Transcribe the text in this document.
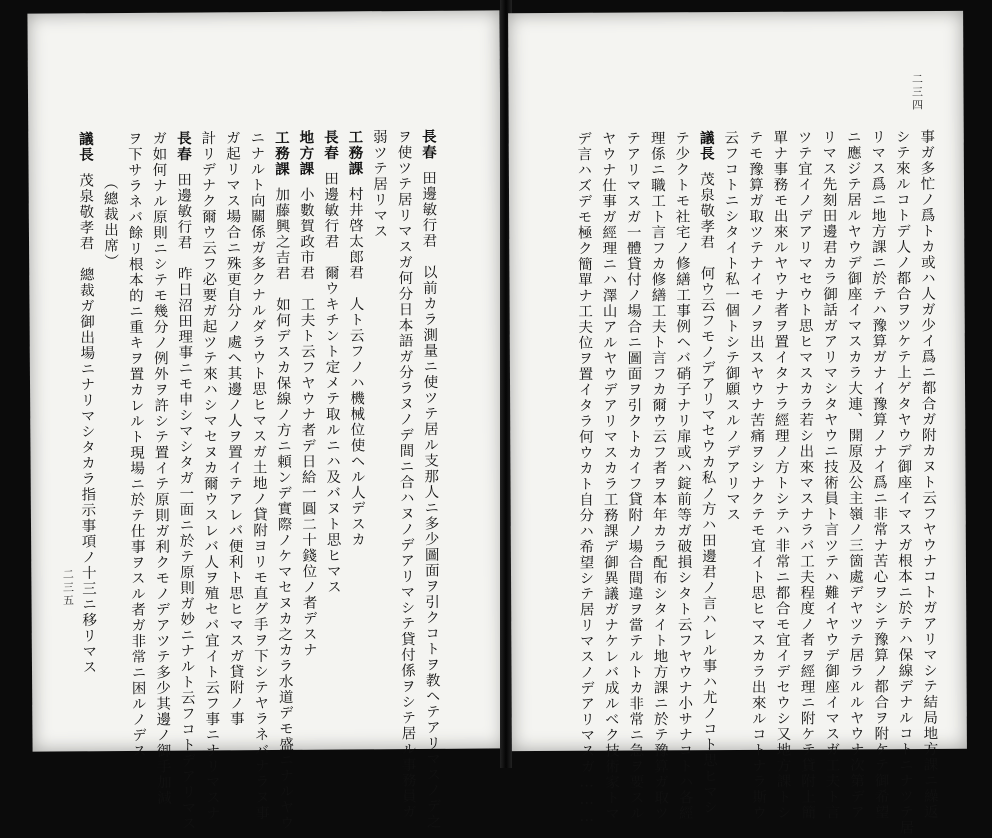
二三五
長春田邊敏行君　以前カラ測量ニ使ツテ居ル支那人ニ多少圖面ヲ引クコトヲ教ヘテアリマスノデ之
ヲ使ツテ居リマスガ何分日本語ガ分ラヌノデ間ニ合ハヌノデアリマシテ貸付係ヲシテ居ル事務員ガ
弱ツテ居リマス
工務課村井啓太郎君　人ト云フノハ機械位使ヘル人デスカ
長春田邊敏行君　爾ウキチント定メテ取ルニハ及バヌト思ヒマス
地方課小數賀政市君　工夫ト云フヤウナ者デ日給一圓二十錢位ノ者デスナ
工務課加藤興之吉君　如何デスカ保線ノ方ニ頼ンデ實際ノケマセヌカ之カラ水道デモ盛ニナルヤウ
ニナルト向關係ガ多クナルダラウト思ヒマスガ土地ノ貸附ヨリモ直グ手ヲ下シテヤラネバナラヌ事
ガ起リマス場合ニ殊更自分ノ處ヘ其邊ノ人ヲ置イテアレバ便利ト思ヒマスガ貸附ノ事
計リデナク爾ウ云フ必要ガ起ツテ來ハシマセヌカ爾ウスレバ人ヲ殖セバ宜イト云フ事ニナリマスナ
長春田邊敏行君　昨日沼田理事ニモ申シマシタガ一面ニ於テ原則ガ妙ニナルト云フコトデアリマス
ガ如何ナル原則ニシテモ幾分ノ例外ヲ許シテ置イテ原則ガ利クモノデアツテ多少其邊ノ御手加減
ヲ下サラネバ餘リ根本的ニ重キヲ置カレルト現場ニ於テ仕事ヲスル者ガ非常ニ困ルノデス
（總裁出席）
議長茂泉敬孝君　總裁ガ御出場ニナリマシタカラ指示事項ノ十三ニ移リマス
二三四
事ガ多忙ノ爲トカ或ハ人ガ少イ爲ニ都合ガ附カヌト云フヤウナコトガアリマシテ結局地方課ニ繰返
シテ來ルコトデ人ノ都合ヲツケテ上ゲタヤウデ御座イマスガ根本ニ於テハ保線デナルコトニナツテ居
リマス爲ニ地方課ニ於テハ豫算ガナイ豫算ノナイ爲ニ非常ナ苦心ヲシテ豫算ノ都合ヲ附ケテ御希望
ニ應ジテ居ルヤウデ御座イマスカラ大連、開原及公主嶺ノ三箇處デヤツテ居ラルルヤウナ次第デア
リマス先刻田邊君カラ御話ガアリマシタヤウニ技術員ト言ツテハ難イヤウデ御座イマスガ工夫ト言
ツテ宜イノデアリマセウト思ヒマスカラ若シ出來マスナラバ工夫程度ノ者ヲ經理ニ附ケテ貸附上簡
單ナ事務モ出來ルヤウナ者ヲ置イタナラ經理ノ方トシテハ非常ニ都合モ宜イデセウシ又地方課トシ
テモ豫算ガ取ツテナイモノヲ出スヤウナ苦痛ヲシナクテモ宜イト思ヒマスカラ出來ルコトナラ斯ウ
云フコトニシタイト私一個トシテ御願スルノデアリマス
議長茂泉敬孝君　何ウ云フモノデアリマセウカ私ノ方ハ田邊君ノ言ハレル事ハ尤ノコト思ヒマシ
テ少クトモ社宅ノ修繕工事例ヘバ硝子ナリ扉或ハ錠前等ガ破損シタト云フヤウナ小サナコトハ各經
理係ニ職工ト言フカ修繕工夫ト言フカ爾ウ云フ者ヲ本年カラ配布シタイト地方課ニ於テ豫算ガ取ツ
テアリマスガ一體貸付ノ場合ニ圖面ヲ引クトカイフ貸附ノ場合間違ヲ當テルトカ非常ニ急ヲ要スル
ヤウナ仕事ガ經理ニハ澤山アルヤウデアリマスカラ工務課デ御異議ガナケレバ成ルベク技術家トマ
デ言ハズデモ極ク簡單ナ工夫位ヲ置イタラ何ウカト自分ハ希望シテ居リマスノデアリマスガ………
